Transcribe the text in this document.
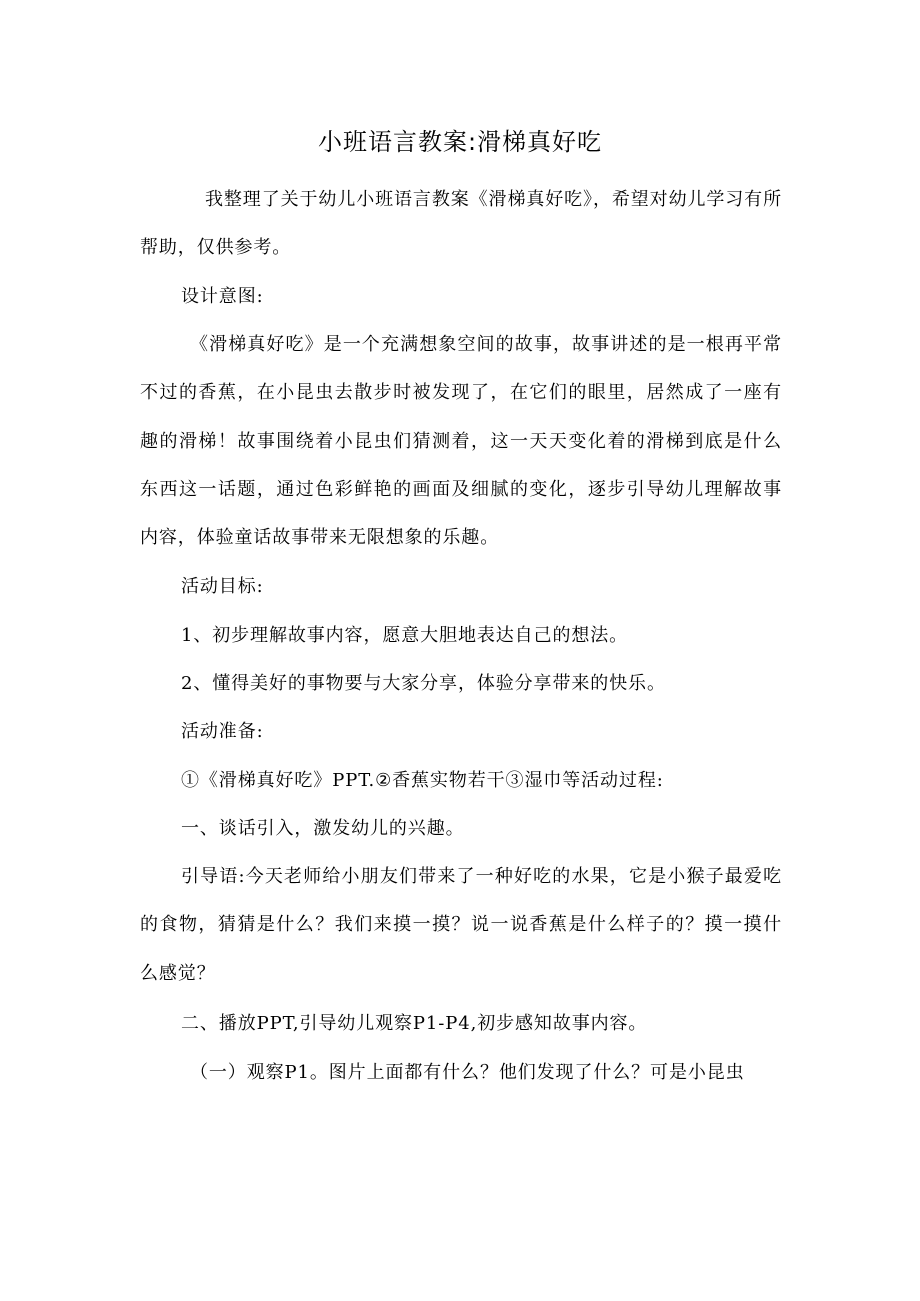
小班语言教案:滑梯真好吃
我整理了关于幼儿小班语言教案《滑梯真好吃》，希望对幼儿学习有所帮助，仅供参考。
设计意图:
《滑梯真好吃》是一个充满想象空间的故事，故事讲述的是一根再平常不过的香蕉，在小昆虫去散步时被发现了，在它们的眼里，居然成了一座有趣的滑梯！故事围绕着小昆虫们猜测着，这一天天变化着的滑梯到底是什么东西这一话题，通过色彩鲜艳的画面及细腻的变化，逐步引导幼儿理解故事内容，体验童话故事带来无限想象的乐趣。
活动目标:
1、初步理解故事内容，愿意大胆地表达自己的想法。
2、懂得美好的事物要与大家分享，体验分享带来的快乐。
活动准备:
①《滑梯真好吃》PPT.②香蕉实物若干③湿巾等活动过程:
一、谈话引入，激发幼儿的兴趣。
引导语:今天老师给小朋友们带来了一种好吃的水果，它是小猴子最爱吃的食物，猜猜是什么？我们来摸一摸？说一说香蕉是什么样子的？摸一摸什么感觉？
二、播放PPT,引导幼儿观察P1-P4,初步感知故事内容。
（一）观察P1。图片上面都有什么？他们发现了什么？可是小昆虫
